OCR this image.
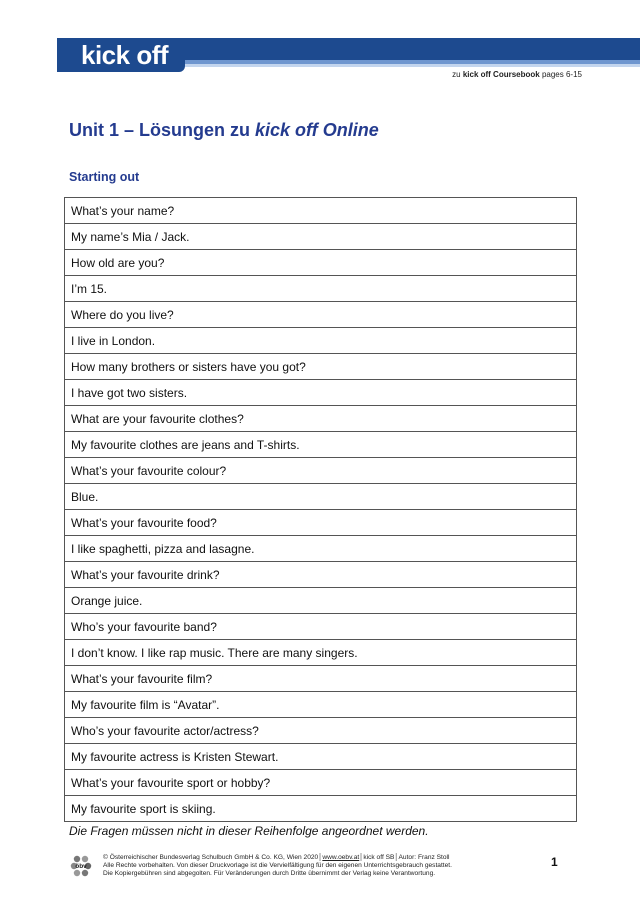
kick off
zu kick off Coursebook pages 6-15
Unit 1 – Lösungen zu kick off Online
Starting out
What’s your name?
My name’s Mia / Jack.
How old are you?
I’m 15.
Where do you live?
I live in London.
How many brothers or sisters have you got?
I have got two sisters.
What are your favourite clothes?
My favourite clothes are jeans and T-shirts.
What’s your favourite colour?
Blue.
What’s your favourite food?
I like spaghetti, pizza and lasagne.
What’s your favourite drink?
Orange juice.
Who’s your favourite band?
I don’t know. I like rap music. There are many singers.
What’s your favourite film?
My favourite film is “Avatar”.
Who’s your favourite actor/actress?
My favourite actress is Kristen Stewart.
What’s your favourite sport or hobby?
My favourite sport is skiing.

Die Fragen müssen nicht in dieser Reihenfolge angeordnet werden.

öbv
© Österreichischer Bundesverlag Schulbuch GmbH & Co. KG, Wien 2020│www.oebv.at│kick off SB│Autor: Franz Stoll
Alle Rechte vorbehalten. Von dieser Druckvorlage ist die Vervielfältigung für den eigenen Unterrichtsgebrauch gestattet.
Die Kopiergebühren sind abgegolten. Für Veränderungen durch Dritte übernimmt der Verlag keine Verantwortung.
1
